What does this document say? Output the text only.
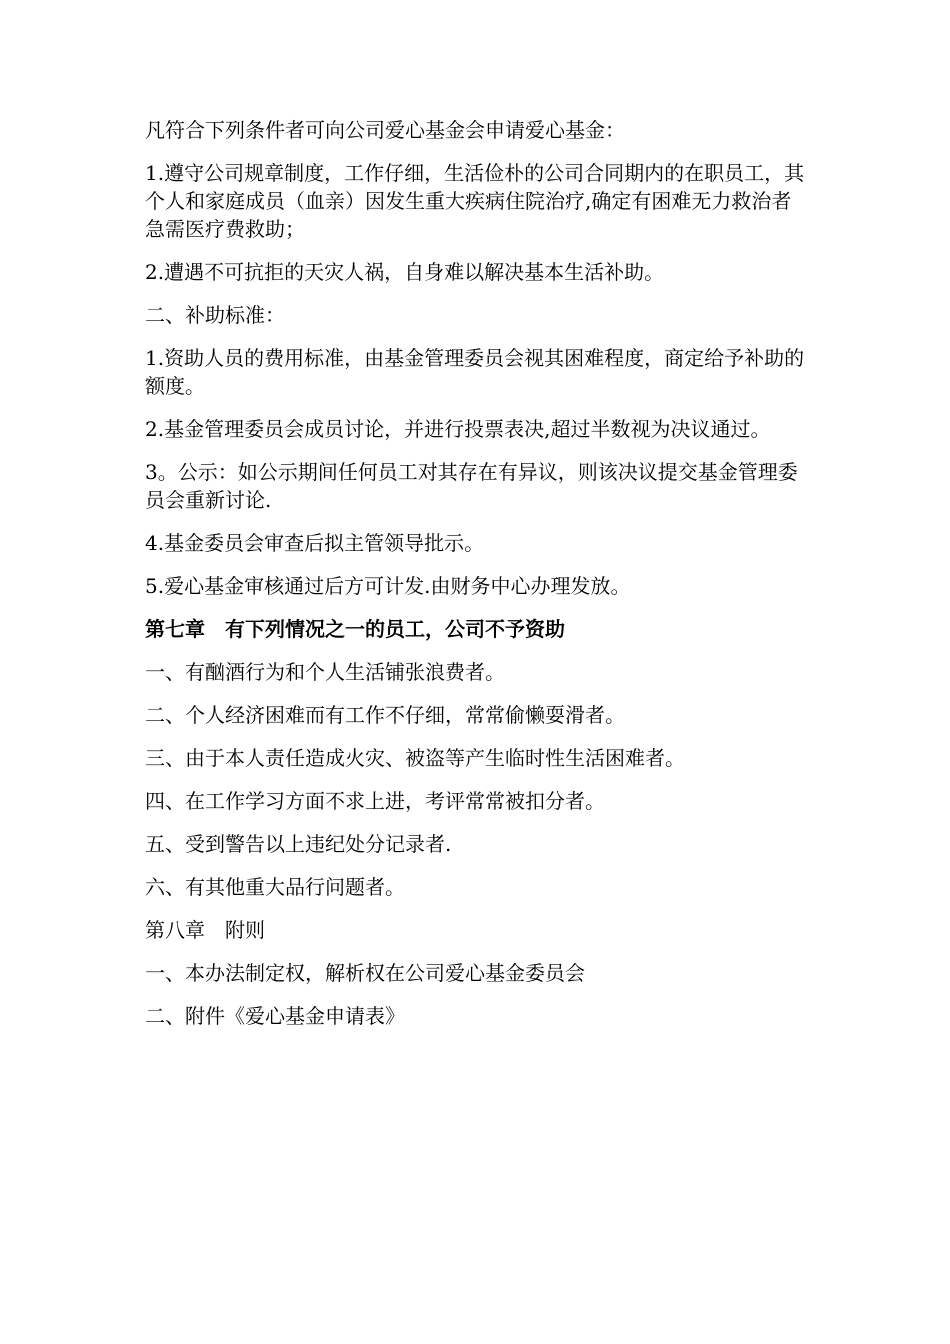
凡符合下列条件者可向公司爱心基金会申请爱心基金：

1.遵守公司规章制度，工作仔细，生活俭朴的公司合同期内的在职员工，其个人和家庭成员（血亲）因发生重大疾病住院治疗,确定有困难无力救治者急需医疗费救助；

2.遭遇不可抗拒的天灾人祸，自身难以解决基本生活补助。

二、补助标准：

1.资助人员的费用标准，由基金管理委员会视其困难程度，商定给予补助的额度。

2.基金管理委员会成员讨论，并进行投票表决,超过半数视为决议通过。

3。公示：如公示期间任何员工对其存在有异议，则该决议提交基金管理委员会重新讨论.

4.基金委员会审查后拟主管领导批示。

5.爱心基金审核通过后方可计发.由财务中心办理发放。

第七章　有下列情况之一的员工，公司不予资助

一、有酗酒行为和个人生活铺张浪费者。

二、个人经济困难而有工作不仔细，常常偷懒耍滑者。

三、由于本人责任造成火灾、被盗等产生临时性生活困难者。

四、在工作学习方面不求上进，考评常常被扣分者。

五、受到警告以上违纪处分记录者.

六、有其他重大品行问题者。

第八章　附则

一、本办法制定权，解析权在公司爱心基金委员会

二、附件《爱心基金申请表》
